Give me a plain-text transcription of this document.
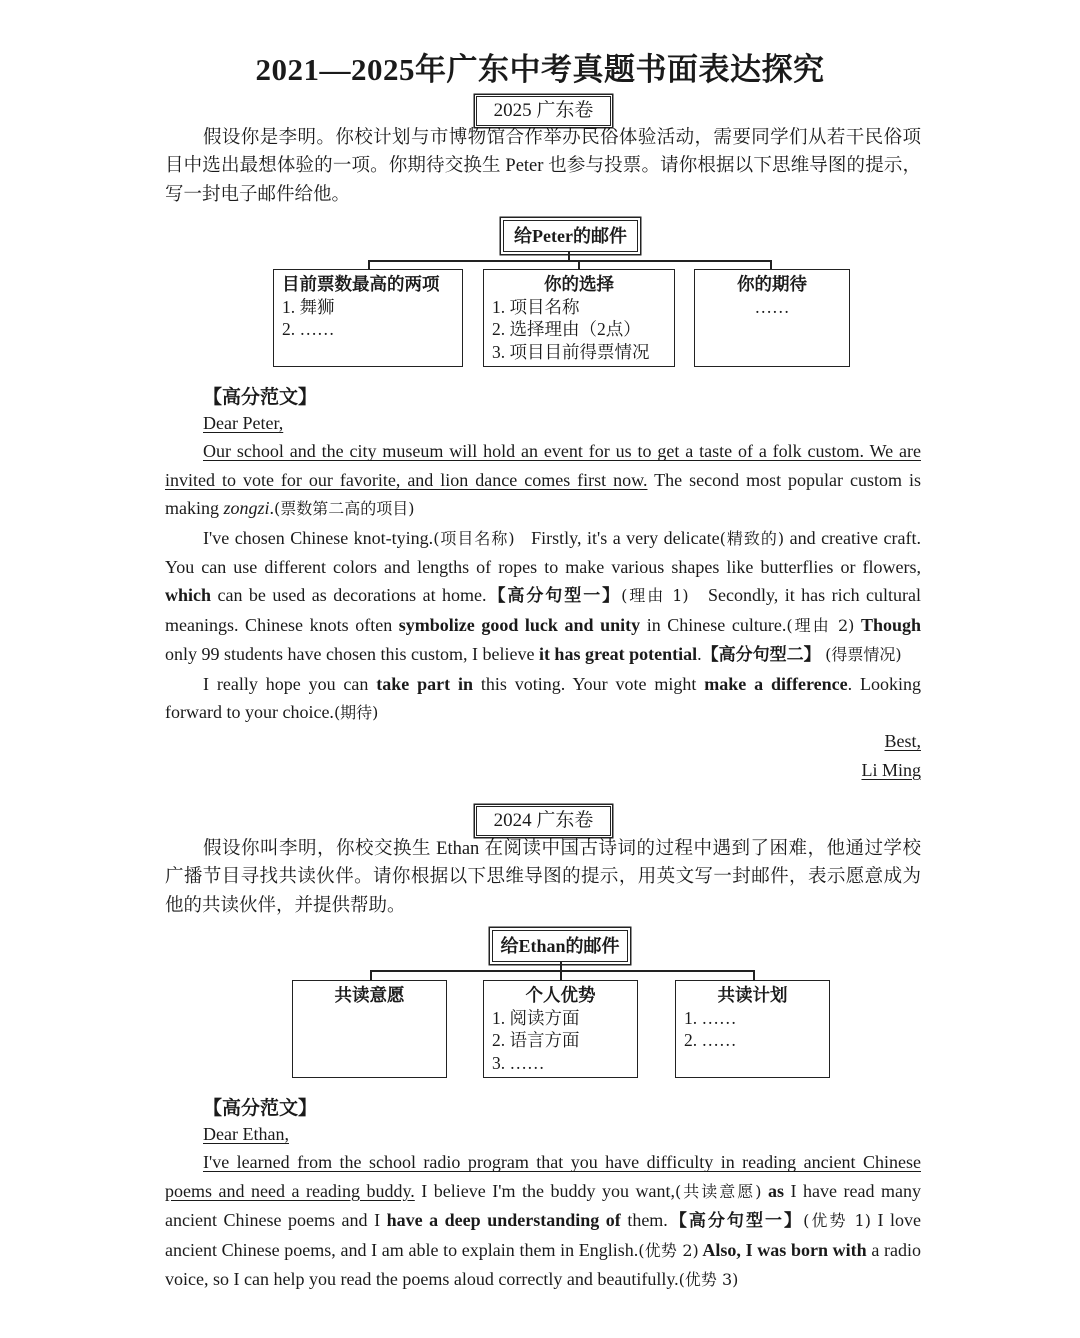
2021—2025年广东中考真题书面表达探究
2025 广东卷

假设你是李明。你校计划与市博物馆合作举办民俗体验活动，需要同学们从若干民俗项目中选出最想体验的一项。你期待交换生 Peter 也参与投票。请你根据以下思维导图的提示，写一封电子邮件给他。

给Peter的邮件
目前票数最高的两项
1. 舞狮
2. ……
你的选择
1. 项目名称
2. 选择理由（2点）
3. 项目目前得票情况
你的期待
……
【高分范文】

Dear Peter,

Our school and the city museum will hold an event for us to get a taste of a folk custom. We are invited to vote for our favorite, and lion dance comes first now. The second most popular custom is making zongzi.(票数第二高的项目)

I've chosen Chinese knot-tying.(项目名称)   Firstly, it's a very delicate(精致的) and creative craft. You can use different colors and lengths of ropes to make various shapes like butterflies or flowers, which can be used as decorations at home.【高分句型一】(理由 1)   Secondly, it has rich cultural meanings. Chinese knots often symbolize good luck and unity in Chinese culture.(理由 2) Though only 99 students have chosen this custom, I believe it has great potential.【高分句型二】 (得票情况)

I really hope you can take part in this voting. Your vote might make a difference. Looking forward to your choice.(期待)

Best,

Li Ming

2024 广东卷

假设你叫李明，你校交换生 Ethan 在阅读中国古诗词的过程中遇到了困难，他通过学校广播节目寻找共读伙伴。请你根据以下思维导图的提示，用英文写一封邮件，表示愿意成为他的共读伙伴，并提供帮助。

给Ethan的邮件
共读意愿	个人优势
1. 阅读方面
2. 语言方面
3. ……
共读计划
1. ……
2. ……
【高分范文】

Dear Ethan,

I've learned from the school radio program that you have difficulty in reading ancient Chinese poems and need a reading buddy. I believe I'm the buddy you want,(共读意愿) as I have read many ancient Chinese poems and I have a deep understanding of them.【高分句型一】(优势 1) I love ancient Chinese poems, and I am able to explain them in English.(优势 2) Also, I was born with a radio voice, so I can help you read the poems aloud correctly and beautifully.(优势 3)
